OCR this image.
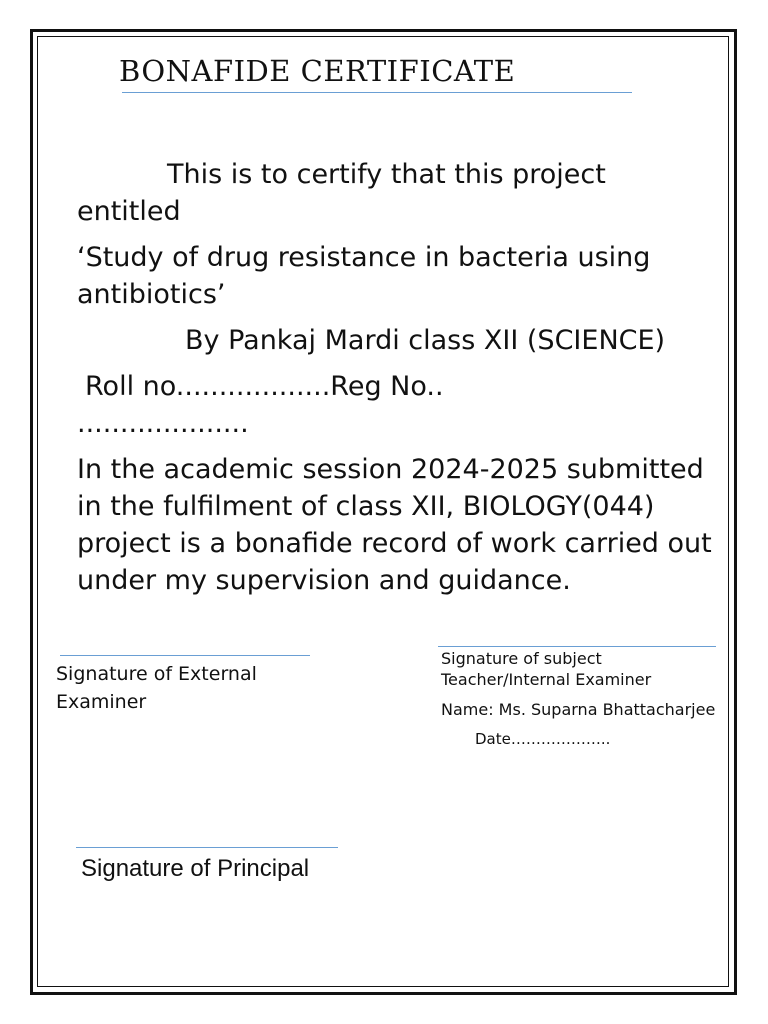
BONAFIDE CERTIFICATE

This is to certify that this project entitled

‘Study of drug resistance in bacteria using antibiotics’

By Pankaj Mardi class XII (SCIENCE)

Roll no..................Reg No..
....................

In the academic session 2024-2025 submitted in the fulfilment of class XII, BIOLOGY(044) project is a bonafide record of work carried out under my supervision and guidance.

Signature of External Examiner

Signature of subject Teacher/Internal Examiner

Name: Ms. Suparna Bhattacharjee

Date………………..

Signature of Principal
